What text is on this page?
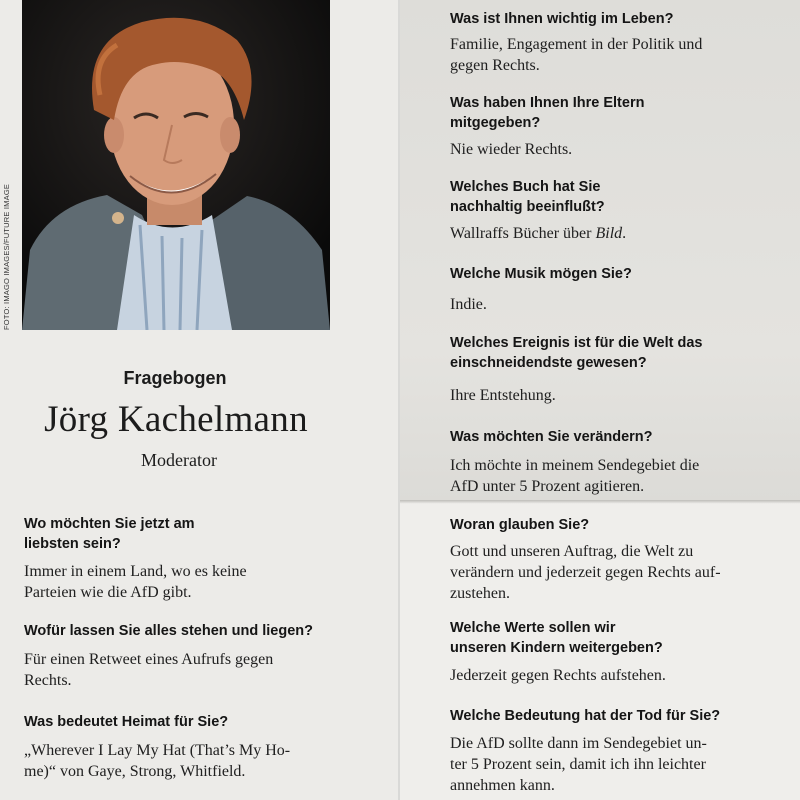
FOTO: IMAGO IMAGES/FUTURE IMAGE
Fragebogen
Jörg Kachelmann
Moderator
Wo möchten Sie jetzt am
liebsten sein?
Immer in einem Land, wo es keine
Parteien wie die AfD gibt.
Wofür lassen Sie alles stehen und liegen?
Für einen Retweet eines Aufrufs gegen
Rechts.
Was bedeutet Heimat für Sie?
„Wherever I Lay My Hat (That’s My Ho-
me)“ von Gaye, Strong, Whitfield.
Was ist Ihnen wichtig im Leben?
Familie, Engagement in der Politik und
gegen Rechts.
Was haben Ihnen Ihre Eltern
mitgegeben?
Nie wieder Rechts.
Welches Buch hat Sie
nachhaltig beeinflußt?
Wallraffs Bücher über Bild.
Welche Musik mögen Sie?
Indie.
Welches Ereignis ist für die Welt das
einschneidendste gewesen?
Ihre Entstehung.
Was möchten Sie verändern?
Ich möchte in meinem Sendegebiet die
AfD unter 5 Prozent agitieren.
Woran glauben Sie?
Gott und unseren Auftrag, die Welt zu
verändern und jederzeit gegen Rechts auf-
zustehen.
Welche Werte sollen wir
unseren Kindern weitergeben?
Jederzeit gegen Rechts aufstehen.
Welche Bedeutung hat der Tod für Sie?
Die AfD sollte dann im Sendegebiet un-
ter 5 Prozent sein, damit ich ihn leichter
annehmen kann.
